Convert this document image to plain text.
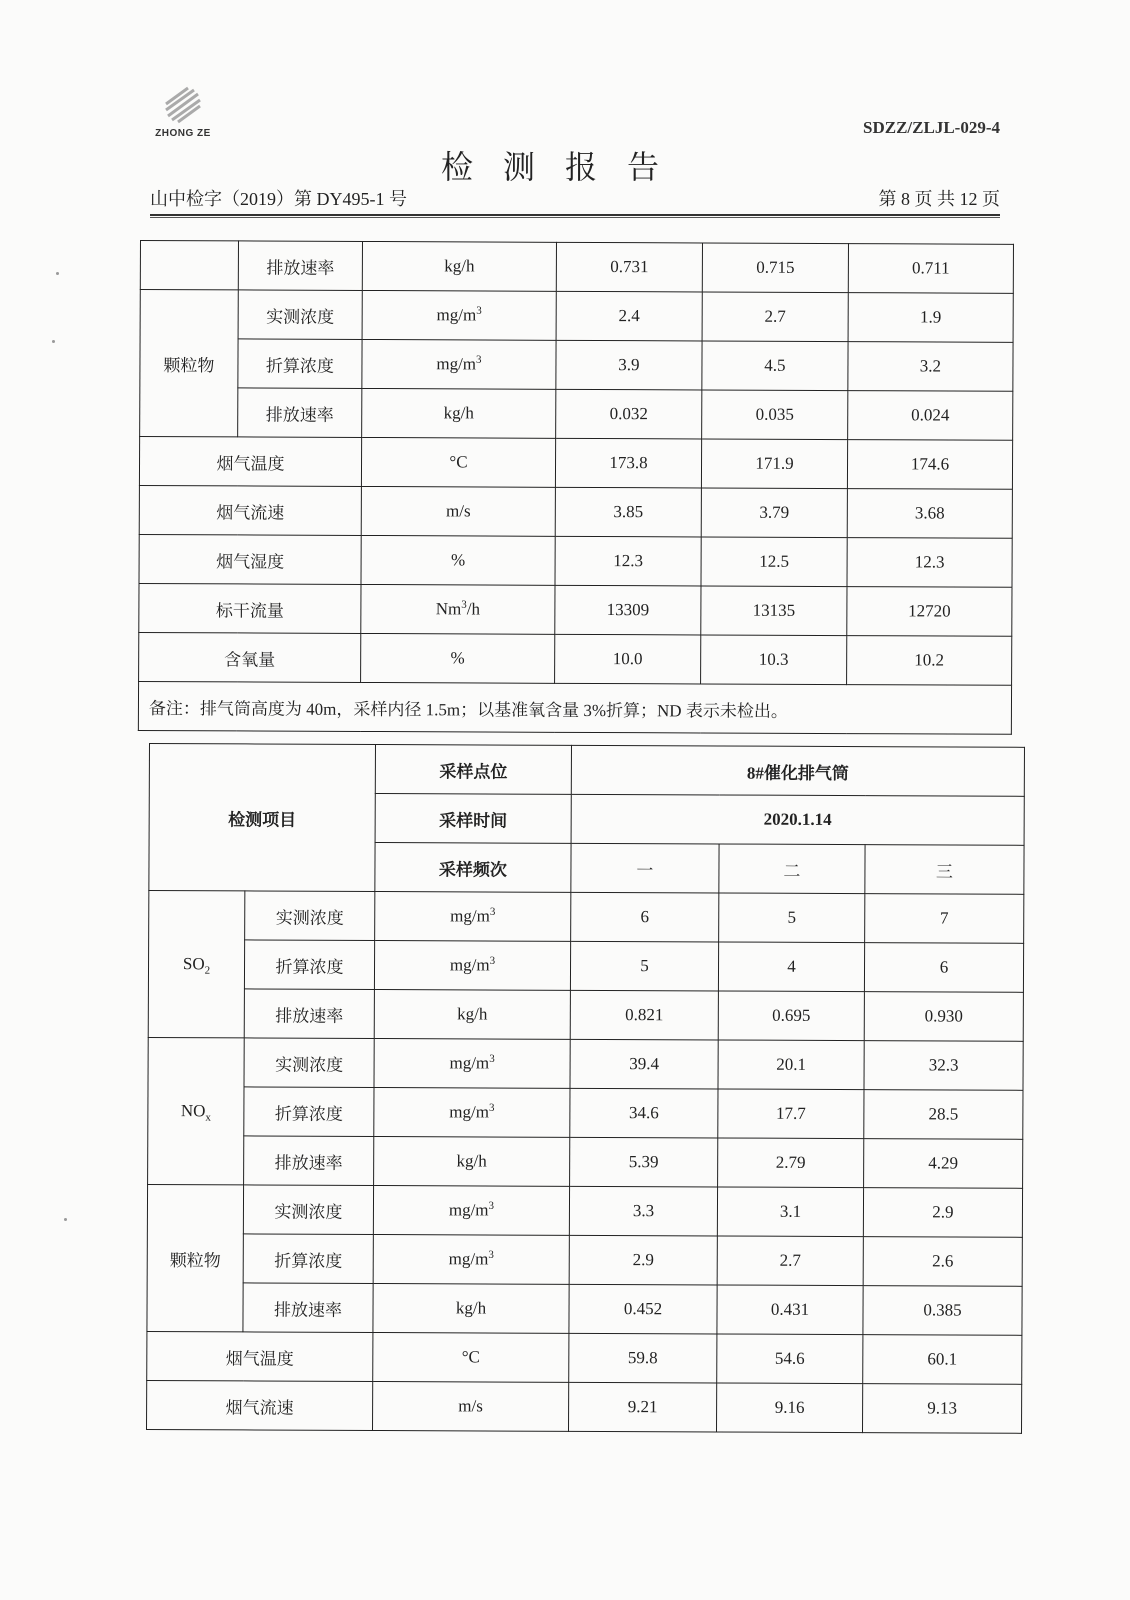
ZHONG ZE	SDZZ/ZLJL-029-4
检测报告
山中检字（2019）第 DY495-1 号	第 8 页 共 12 页
	排放速率	kg/h	0.731	0.715	0.711
颗粒物	实测浓度	$mg/m^3$	2.4	2.7	1.9
	折算浓度	$mg/m^3$	3.9	4.5	3.2
	排放速率	kg/h	0.032	0.035	0.024
烟气温度		°C	173.8	171.9	174.6
烟气流速		m/s	3.85	3.79	3.68
烟气湿度		%	12.3	12.5	12.3
标干流量		Nm$^3$/h	13309	13135	12720
含氧量		%	10.0	10.3	10.2
备注：排气筒高度为 40m，采样内径 1.5m；以基准氧含量 3%折算；ND 表示未检出。					
检测项目		采样点位	8#催化排气筒		
		采样时间	2020.1.14		
		采样频次	一	二	三
$SO_2$	实测浓度	$mg/m^3$	6	5	7
	折算浓度	$mg/m^3$	5	4	6
	排放速率	kg/h	0.821	0.695	0.930
$NO_x$	实测浓度	$mg/m^3$	39.4	20.1	32.3
	折算浓度	$mg/m^3$	34.6	17.7	28.5
	排放速率	kg/h	5.39	2.79	4.29
颗粒物	实测浓度	$mg/m^3$	3.3	3.1	2.9
	折算浓度	$mg/m^3$	2.9	2.7	2.6
	排放速率	kg/h	0.452	0.431	0.385
烟气温度		°C	59.8	54.6	60.1
烟气流速		m/s	9.21	9.16	9.13
